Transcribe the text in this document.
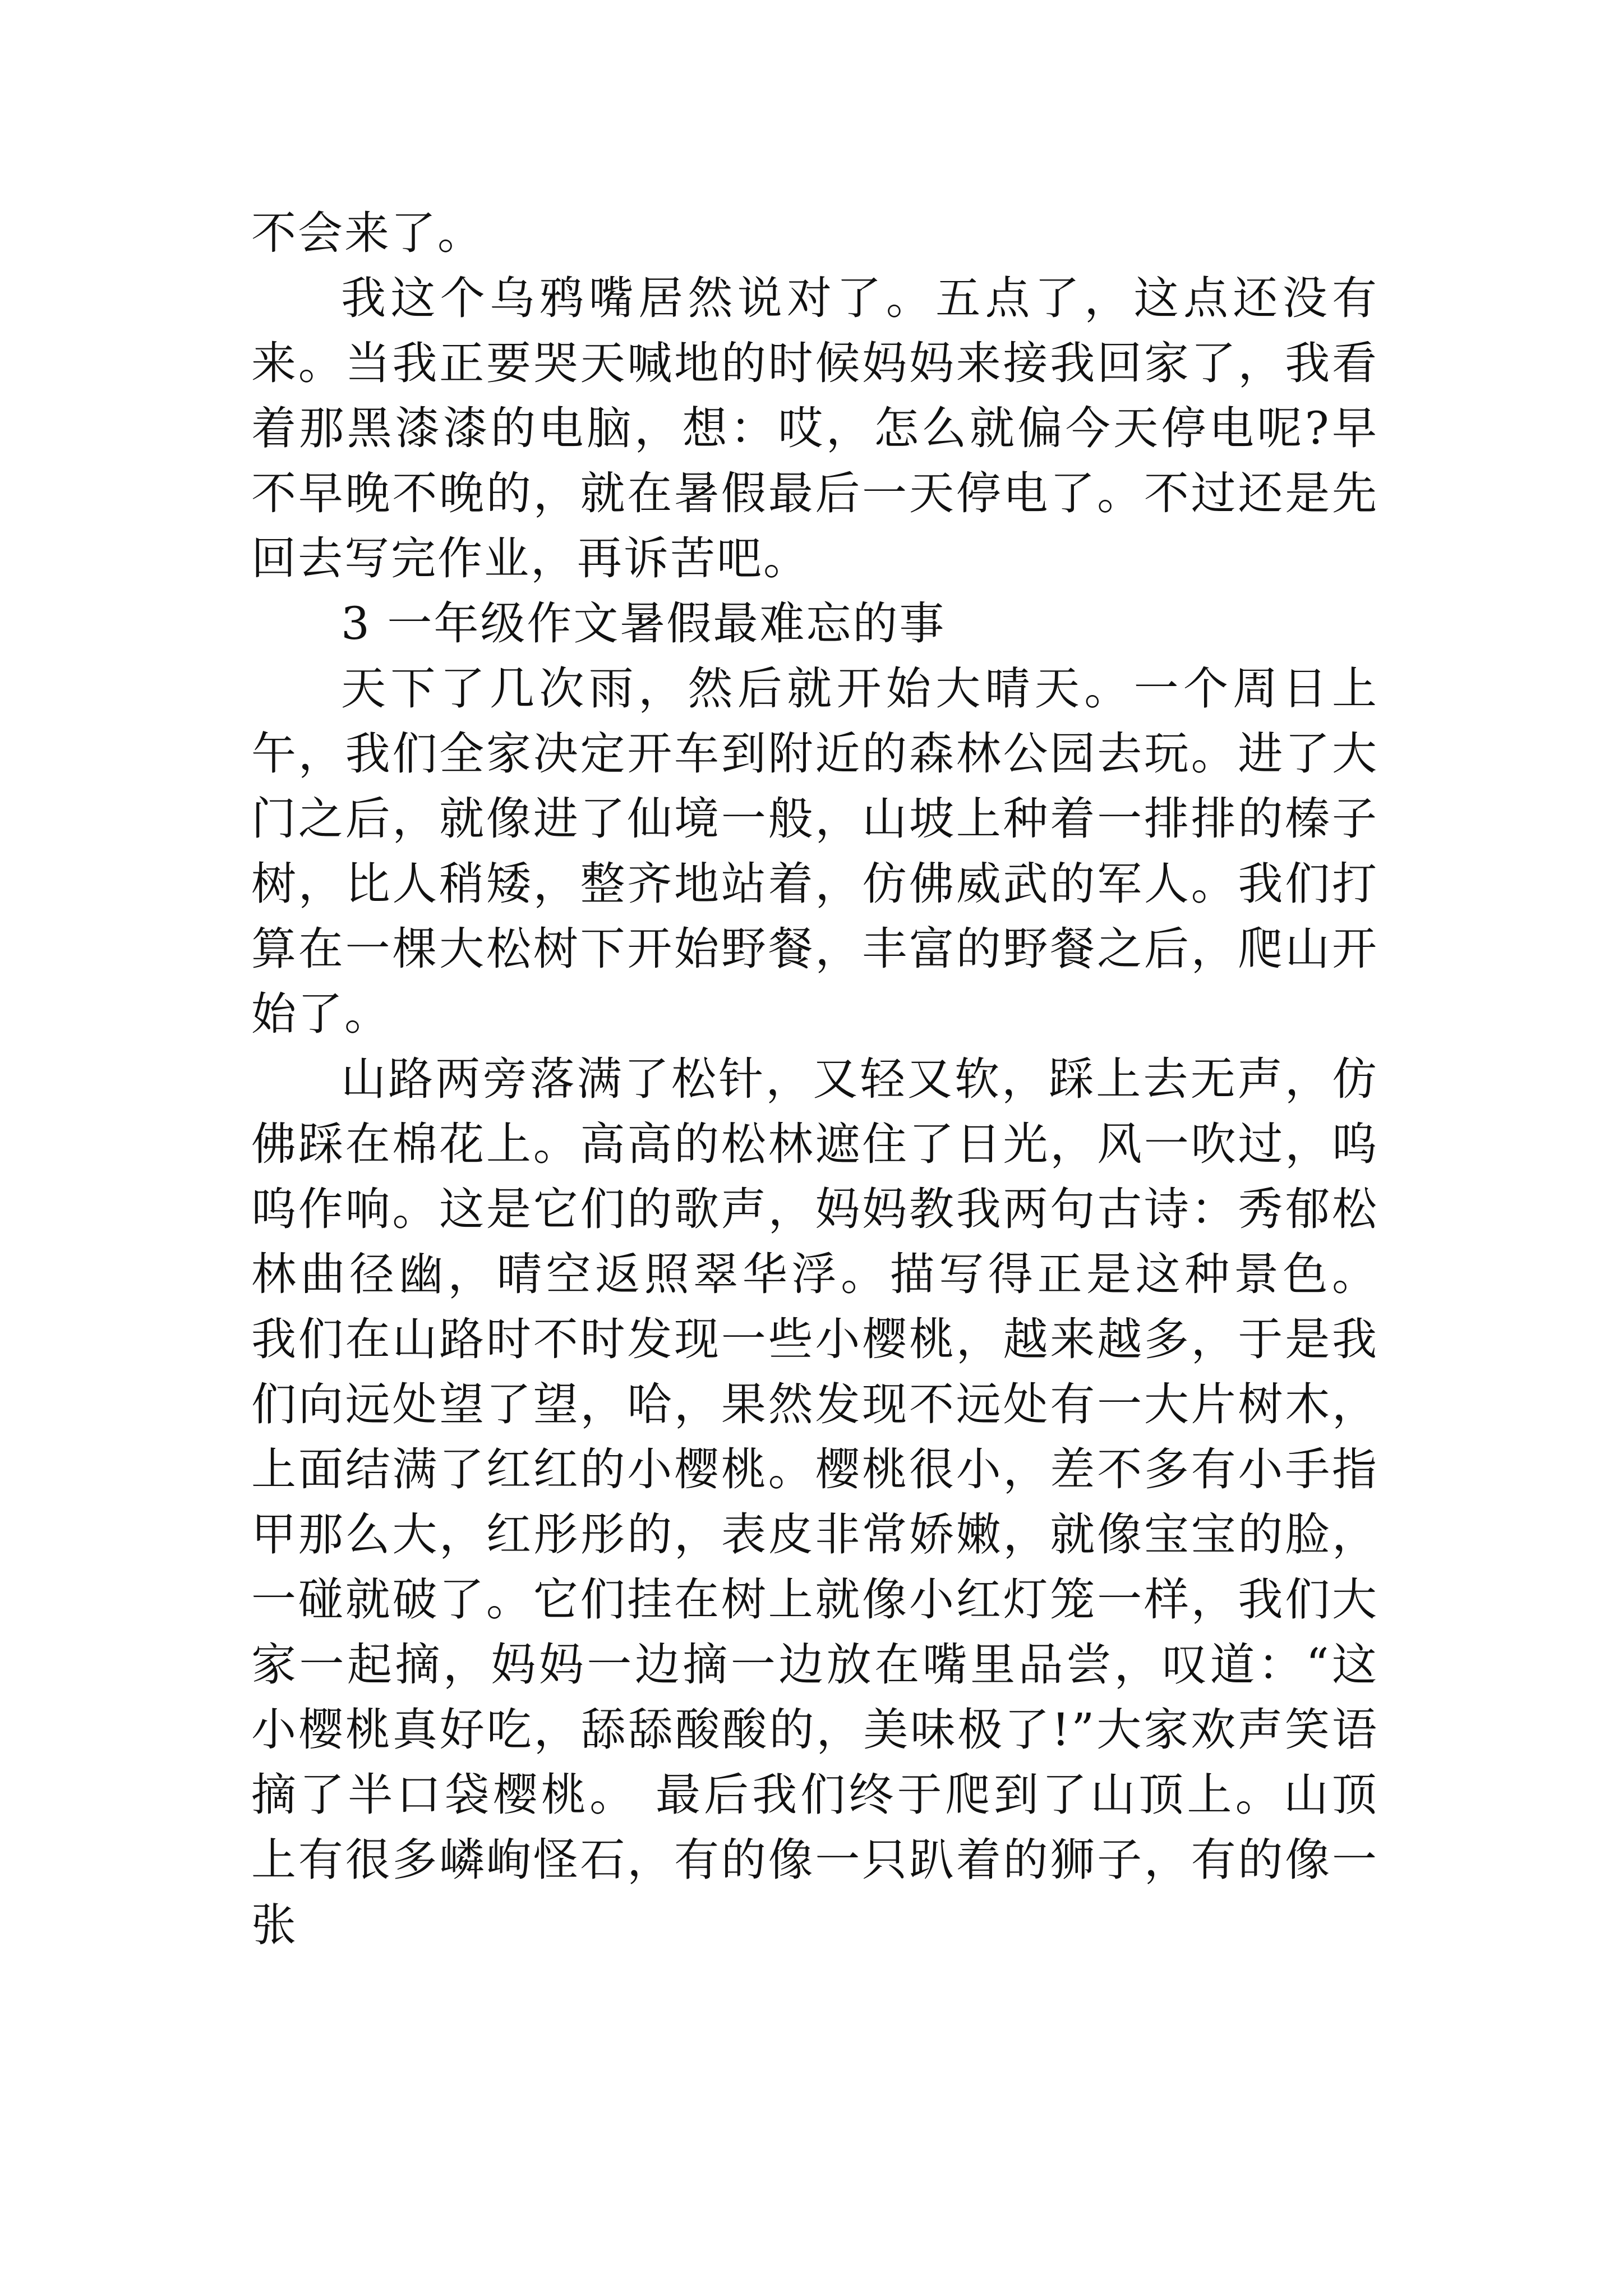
不会来了。

我这个乌鸦嘴居然说对了。五点了，这点还没有来。当我正要哭天喊地的时候妈妈来接我回家了，我看着那黑漆漆的电脑，想：哎，怎么就偏今天停电呢?早不早晚不晚的，就在暑假最后一天停电了。不过还是先回去写完作业，再诉苦吧。

3 一年级作文暑假最难忘的事

天下了几次雨，然后就开始大晴天。一个周日上午，我们全家决定开车到附近的森林公园去玩。进了大门之后，就像进了仙境一般，山坡上种着一排排的榛子树，比人稍矮，整齐地站着，仿佛威武的军人。我们打算在一棵大松树下开始野餐，丰富的野餐之后，爬山开始了。

山路两旁落满了松针，又轻又软，踩上去无声，仿佛踩在棉花上。高高的松林遮住了日光，风一吹过，呜呜作响。这是它们的歌声，妈妈教我两句古诗：秀郁松林曲径幽，晴空返照翠华浮。描写得正是这种景色。 我们在山路时不时发现一些小樱桃，越来越多，于是我们向远处望了望，哈，果然发现不远处有一大片树木，上面结满了红红的小樱桃。樱桃很小，差不多有小手指甲那么大，红彤彤的，表皮非常娇嫩，就像宝宝的脸，一碰就破了。它们挂在树上就像小红灯笼一样，我们大家一起摘，妈妈一边摘一边放在嘴里品尝，叹道：“这小樱桃真好吃，舔舔酸酸的，美味极了!”大家欢声笑语摘了半口袋樱桃。 最后我们终于爬到了山顶上。山顶上有很多嶙峋怪石，有的像一只趴着的狮子，有的像一张
